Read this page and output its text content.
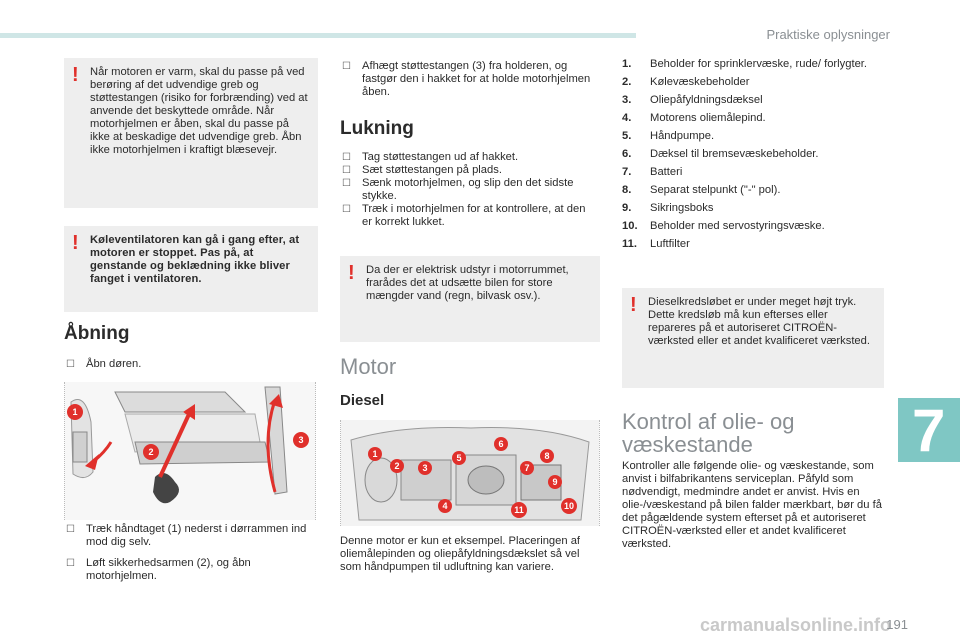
Praktiske oplysninger
7
! Når motoren er varm, skal du passe på ved berøring af det udvendige greb og støttestangen (risiko for forbrænding) ved at anvende det beskyttede område. Når motorhjelmen er åben, skal du passe på ikke at beskadige det udvendige greb. Åbn ikke motorhjelmen i kraftigt blæsevejr.

! Køleventilatoren kan gå i gang efter, at motoren er stoppet. Pas på, at genstande og beklædning ikke bliver fanget i ventilatoren.

Åbning
☐ Åbn døren.
1
2
3
☐ Træk håndtaget (1) nederst i dørrammen ind mod dig selv.
☐ Løft sikkerhedsarmen (2), og åbn motorhjelmen.
☐ Afhægt støttestangen (3) fra holderen, og fastgør den i hakket for at holde motorhjelmen åben.
Lukning
☐ Tag støttestangen ud af hakket.
☐ Sæt støttestangen på plads.
☐ Sænk motorhjelmen, og slip den det sidste stykke.
☐ Træk i motorhjelmen for at kontrollere, at den er korrekt lukket.
! Da der er elektrisk udstyr i motorrummet, frarådes det at udsætte bilen for store mængder vand (regn, bilvask osv.).

Motor
Diesel
1
2	3
4
5
6
7
8
9
10
11

Denne motor er kun et eksempel. Placeringen af oliemålepinden og oliepåfyldningsdækslet så vel som håndpumpen til udluftning kan variere.

1. Beholder for sprinklervæske, rude/ forlygter.
2. Kølevæskebeholder
3. Oliepåfyldningsdæksel
4. Motorens oliemålepind.
5. Håndpumpe.
6. Dæksel til bremsevæskebeholder.
7. Batteri
8. Separat stelpunkt ("-" pol).
9. Sikringsboks
10. Beholder med servostyringsvæske.
11. Luftfilter
! Dieselkredsløbet er under meget højt tryk. Dette kredsløb må kun efterses eller repareres på et autoriseret CITROËN-værksted eller et andet kvalificeret værksted.

Kontrol af olie- og væskestande

Kontroller alle følgende olie- og væskestande, som anvist i bilfabrikantens serviceplan. Påfyld som nødvendigt, medmindre andet er anvist. Hvis en olie-/væskestand på bilen falder mærkbart, bør du få det pågældende system efterset på et autoriseret CITROËN-værksted eller et andet kvalificeret værksted.

carmanualsonline.info
191
